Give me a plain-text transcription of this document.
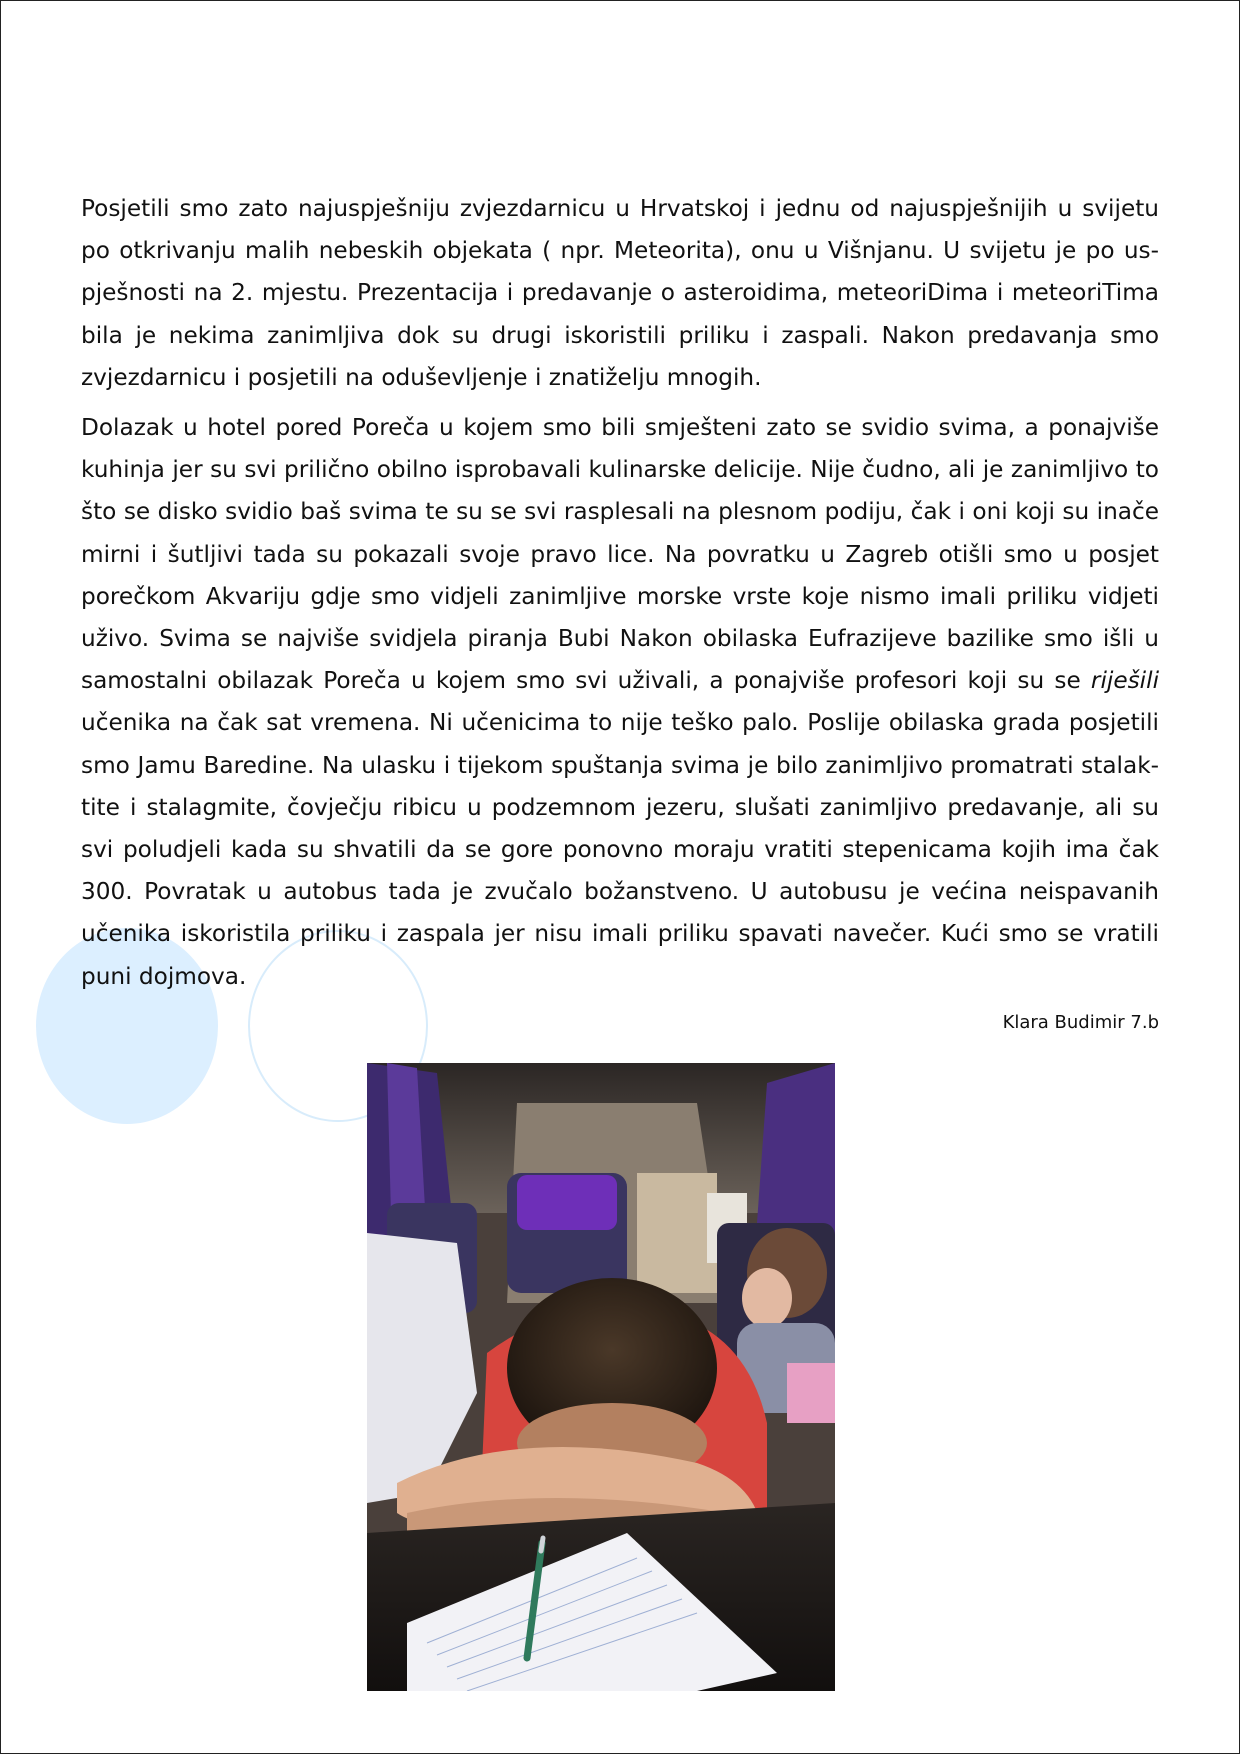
Posjetili smo zato najuspješniju zvjezdarnicu u Hrvatskoj i jednu od najuspješnijih u svijetu po otkrivanju malih nebeskih objekata ( npr. Meteorita), onu u Višnjanu. U svijetu je po uspješnosti na 2. mjestu. Prezentacija i predavanje o asteroidima, meteoriDima i meteoriTima bila je nekima zanimljiva dok su drugi iskoristili priliku i zaspali. Nakon predavanja smo zvjezdarnicu i posjetili na oduševljenje i znatiželju mnogih.

Dolazak u hotel pored Poreča u kojem smo bili smješteni zato se svidio svima, a ponajviše kuhinja jer su svi prilično obilno isprobavali kulinarske delicije. Nije čudno, ali je zanimljivo to što se disko svidio baš svima te su se svi rasplesali na plesnom podiju, čak i oni koji su inače mirni i šutljivi tada su pokazali svoje pravo lice. Na povratku u Zagreb otišli smo u posjet porečkom Akvariju gdje smo vidjeli zanimljive morske vrste koje nismo imali priliku vidjeti uživo. Svima se najviše svidjela piranja Bubi Nakon obilaska Eufrazijeve bazilike smo išli u samostalni obilazak Poreča u kojem smo svi uživali, a ponajviše profesori koji su se riješili učenika na čak sat vremena. Ni učenicima to nije teško palo. Poslije obilaska grada posjetili smo Jamu Baredine. Na ulasku i tijekom spuštanja svima je bilo zanimljivo promatrati stalaktite i stalagmite, čovječju ribicu u podzemnom jezeru, slušati zanimljivo predavanje, ali su svi poludjeli kada su shvatili da se gore ponovno moraju vratiti stepenicama kojih ima čak 300. Povratak u autobus tada je zvučalo božanstveno. U autobusu je većina neispavanih učenika iskoristila priliku i zaspala jer nisu imali priliku spavati navečer. Kući smo se vratili puni dojmova.

Klara Budimir 7.b
